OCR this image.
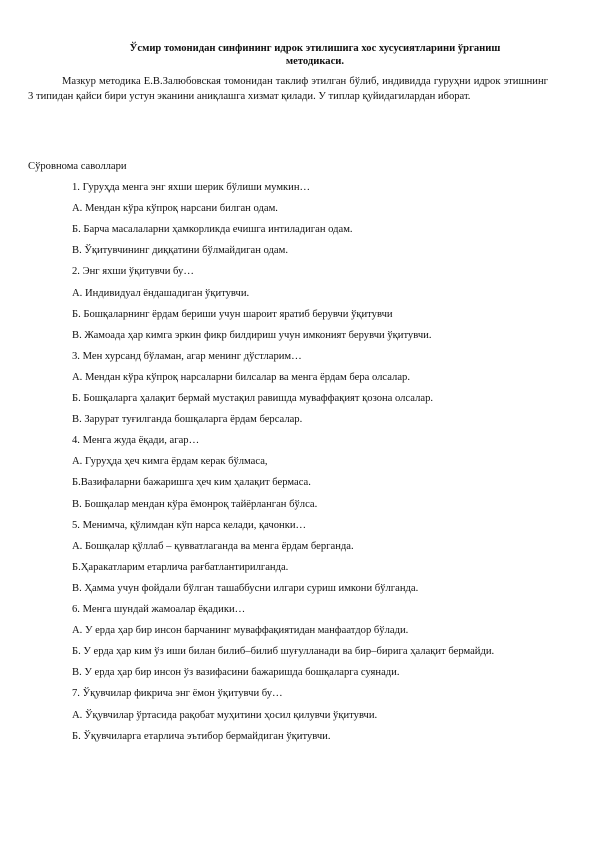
Ўсмир томонидан синфининг идрок этилишига хос хусусиятларини ўрганиш методикаси.
Мазкур методика Е.В.Залюбовская томонидан таклиф этилган бўлиб, индивидда гуруҳни идрок этишнинг 3 типидан қайси бири устун эканини аниқлашга хизмат қилади. У типлар қуйидагилардан иборат.
Сўровнома саволлари
1. Гуруҳда менга энг яхши шерик бўлиши мумкин…
А. Мендан кўра кўпроқ нарсани билган одам.
Б. Барча масалаларни ҳамкорликда ечишга интиладиган одам.
В. Ўқитувчининг диққатини бўлмайдиган одам.
2. Энг яхши ўқитувчи бу…
А. Индивидуал ёндашадиган ўқитувчи.
Б. Бошқаларнинг ёрдам бериши учун шароит яратиб берувчи ўқитувчи
В. Жамоада ҳар кимга эркин фикр билдириш учун имконият берувчи ўқитувчи.
3. Мен хурсанд бўламан, агар менинг дўстларим…
А. Мендан кўра кўпроқ нарсаларни билсалар ва менга ёрдам бера олсалар.
Б. Бошқаларга ҳалақит бермай мустақил равишда муваффақият қозона олсалар.
В. Зарурат туғилганда бошқаларга ёрдам берсалар.
4. Менга жуда ёқади, агар…
А. Гуруҳда ҳеч кимга ёрдам керак бўлмаса,
Б.Вазифаларни бажаришга ҳеч ким ҳалақит бермаса.
В. Бошқалар мендан кўра ёмонроқ тайёрланган бўлса.
5. Менимча, қўлимдан кўп нарса келади, қачонки…
А. Бошқалар қўллаб – қувватлаганда ва менга ёрдам берганда.
Б.Ҳаракатларим етарлича рағбатлантирилганда.
В. Ҳамма учун фойдали бўлган ташаббусни илгари суриш имкони бўлганда.
6. Менга шундай жамоалар ёқадики…
А. У ерда ҳар бир инсон барчанинг муваффақиятидан манфаатдор бўлади.
Б. У ерда ҳар ким ўз иши билан билиб–билиб шуғулланади ва бир–бирига ҳалақит бермайди.
В. У ерда ҳар бир инсон ўз вазифасини бажаришда бошқаларга суянади.
7. Ўқувчилар фикрича энг ёмон ўқитувчи бу…
А. Ўқувчилар ўртасида рақобат муҳитини ҳосил қилувчи ўқитувчи.
Б. Ўқувчиларга етарлича эътибор бермайдиган ўқитувчи.
